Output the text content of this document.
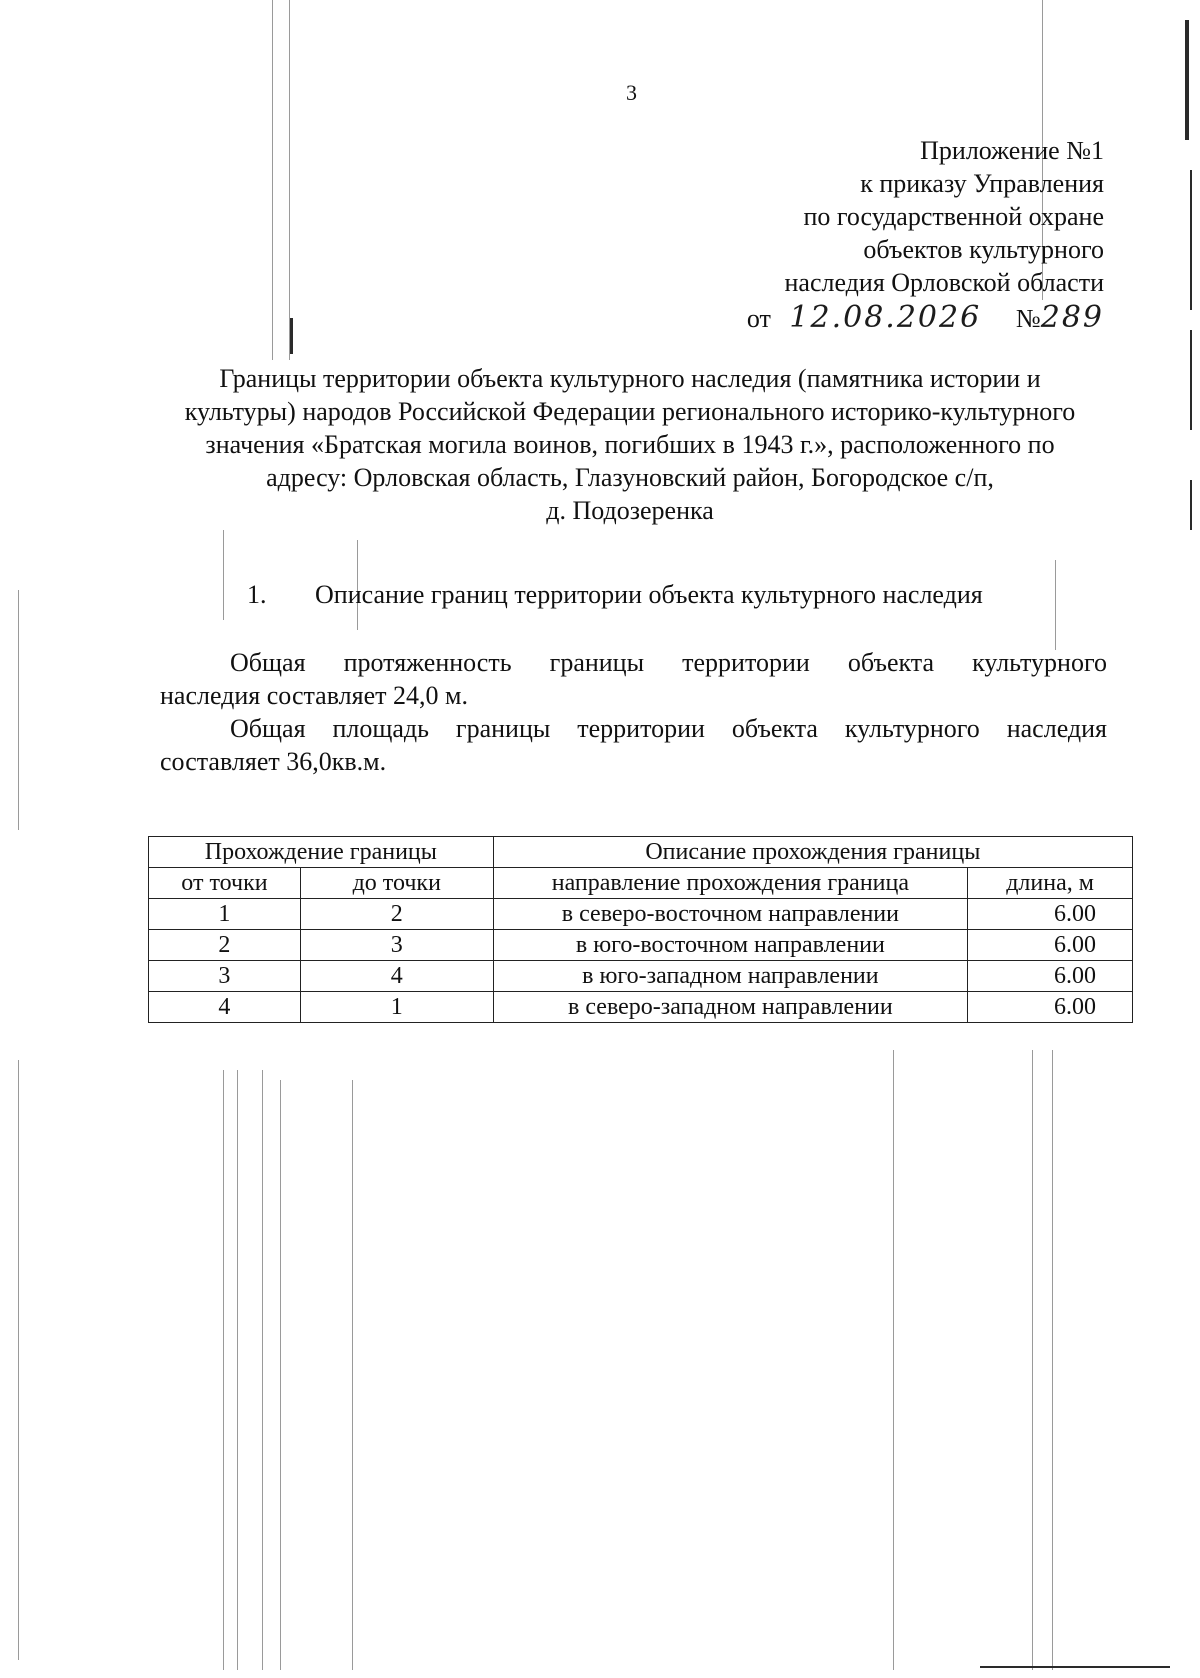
3
Приложение №1
к приказу Управления
по государственной охране
объектов культурного
наследия Орловской области
от 12.08.2026 №289
Границы территории объекта культурного наследия (памятника истории и
культуры) народов Российской Федерации регионального историко-культурного
значения «Братская могила воинов, погибших в 1943 г.», расположенного по
адресу: Орловская область, Глазуновский район, Богородское с/п,
д. Подозеренка
1. Описание границ территории объекта культурного наследия

Общая протяженность границы территории объекта культурного
наследия составляет 24,0 м.

Общая площадь границы территории объекта культурного наследия
составляет 36,0кв.м.

Прохождение границы		Описание прохождения границы	
от точки	до точки	направление прохождения граница	длина, м
1	2	в северо-восточном направлении	6.00
2	3	в юго-восточном направлении	6.00
3	4	в юго-западном направлении	6.00
4	1	в северо-западном направлении	6.00
